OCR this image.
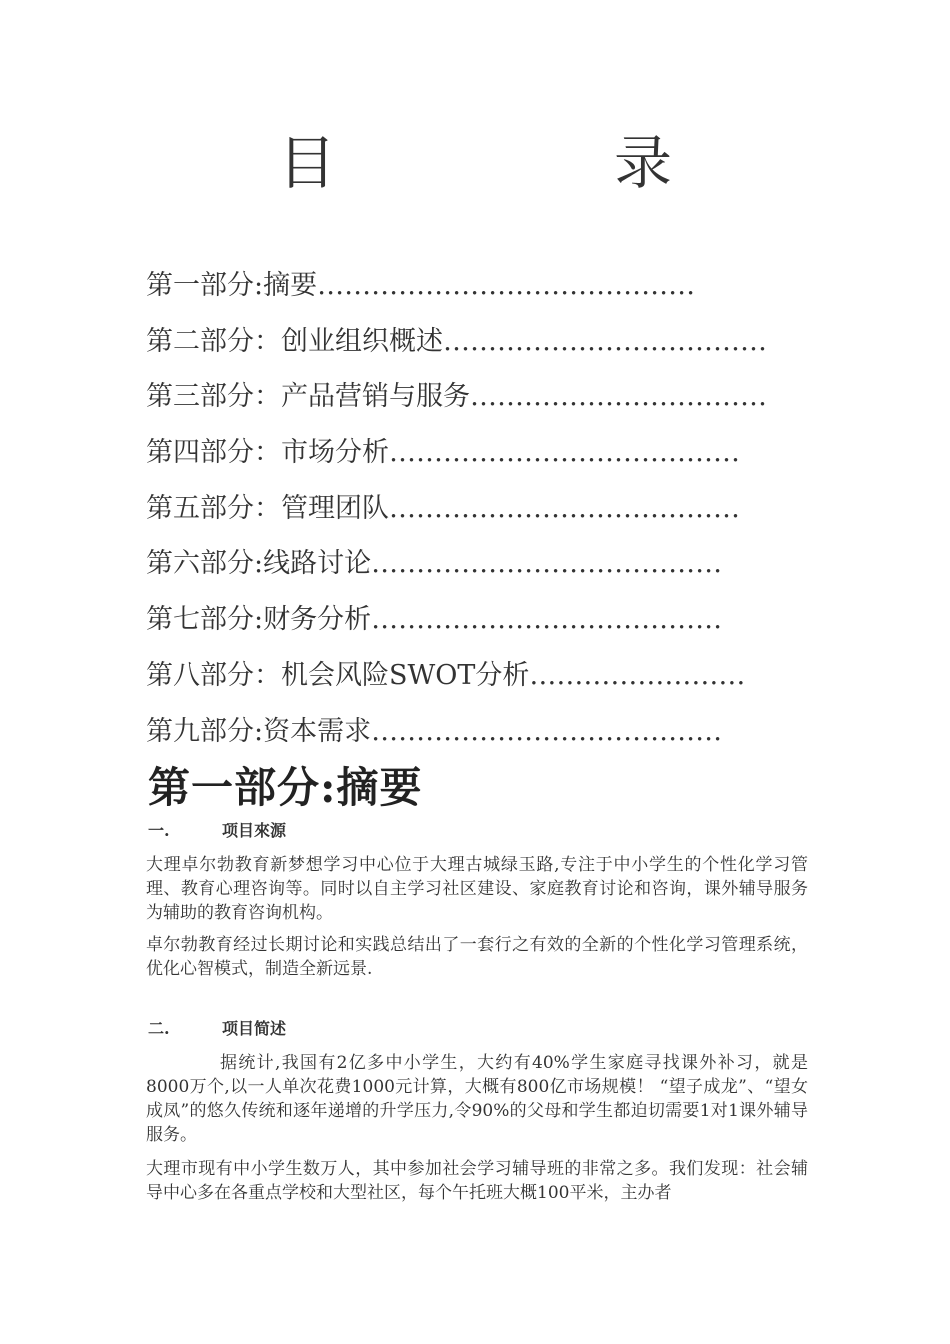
目　录
第一部分:摘要……………………………………
第二部分：创业组织概述………………………………
第三部分：产品营销与服务……………………………
第四部分：市场分析…………………………………
第五部分：管理团队…………………………………
第六部分:线路讨论…………………………………
第七部分:财务分析…………………………………
第八部分：机会风险SWOT分析……………………
第九部分:资本需求…………………………………
第一部分:摘要
一.	项目來源

大理卓尔勃教育新梦想学习中心位于大理古城绿玉路,专注于中小学生的个性化学习管理、教育心理咨询等。同时以自主学习社区建设、家庭教育讨论和咨询，课外辅导服务为辅助的教育咨询机构。

卓尔勃教育经过长期讨论和实践总结出了一套行之有效的全新的个性化学习管理系统，优化心智模式，制造全新远景.

二.	项目简述

据统计,我国有2亿多中小学生，大约有40%学生家庭寻找课外补习，就是8000万个,以一人单次花费1000元计算，大概有800亿市场规模！ “望子成龙”、“望女成凤”的悠久传统和逐年递增的升学压力,令90%的父母和学生都迫切需要1对1课外辅导服务。

大理市现有中小学生数万人，其中参加社会学习辅导班的非常之多。我们发现：社会辅导中心多在各重点学校和大型社区，每个午托班大概100平米，主办者
